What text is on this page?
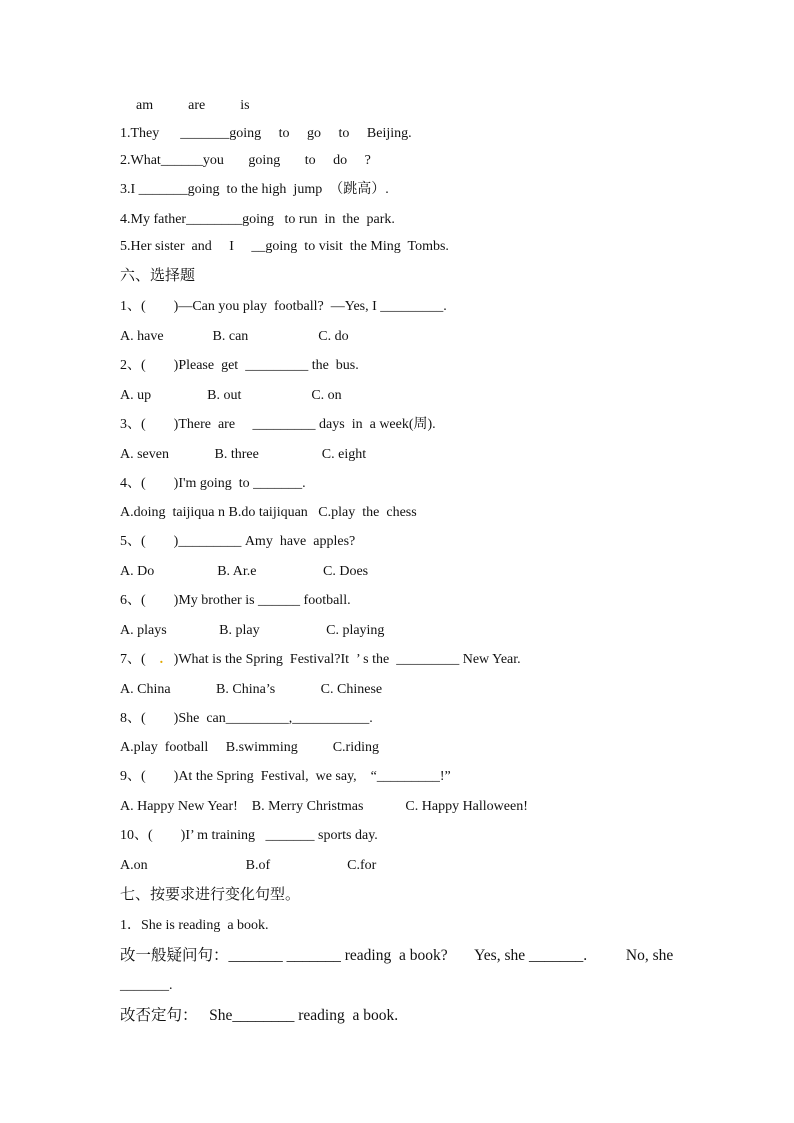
am          are          is
1.They      _______going     to     go     to     Beijing.
2.What______you       going       to     do     ?
3.I _______going  to the high  jump  （跳高）.
4.My father________going   to run  in  the  park.
5.Her sister  and     I     __going  to visit  the Ming  Tombs.
六、选择题
1、(        )—Can you play  football?  —Yes, I _________.
A. have              B. can                    C. do
2、(        )Please  get  _________ the  bus.
A. up                B. out                    C. on
3、(        )There  are     _________ days  in  a week(周).
A. seven             B. three                  C. eight
4、(        )I'm going  to _______.
A.doing  taijiqua n B.do taijiquan   C.play  the  chess
5、(        )_________ Amy  have  apples?
A. Do                  B. Ar.e                   C. Does
6、(        )My brother is ______ football.
A. plays               B. play                   C. playing
7、(    .   )What is the Spring  Festival?It  ’ s the  _________ New Year.
A. China             B. China’s             C. Chinese
8、(        )She  can_________,___________.
A.play  football     B.swimming          C.riding
9、(        )At the Spring  Festival,  we say,    “_________!”
A. Happy New Year!    B. Merry Christmas            C. Happy Halloween!
10、(        )I’ m training   _______ sports day.
A.on                            B.of                      C.for
七、按要求进行变化句型。
1．She is reading  a book.
改一般疑问句：_______ _______ reading  a book?       Yes, she _______.          No, she
_______.
改否定句：   She________ reading  a book.
